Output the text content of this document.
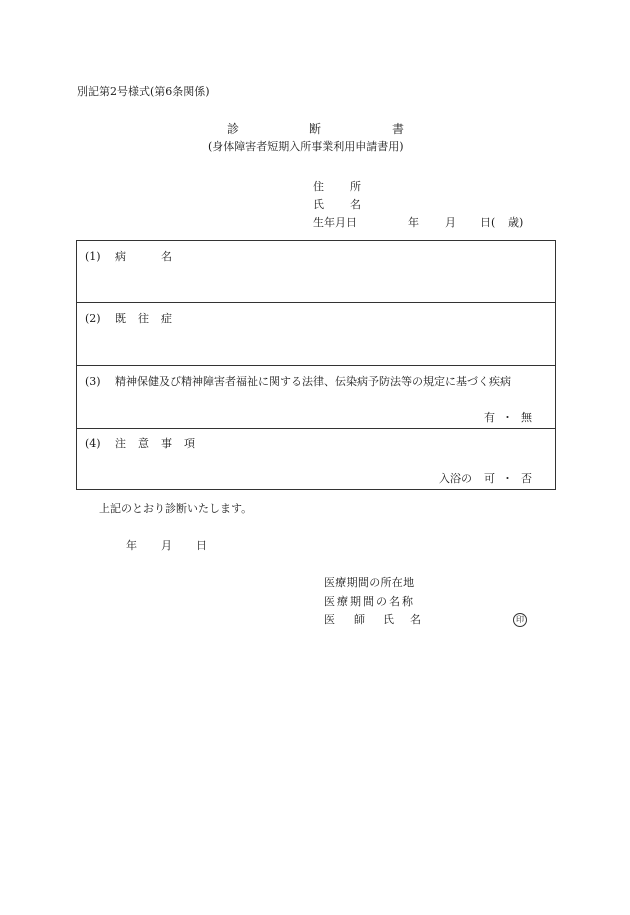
別記第2号様式(第6条関係)
診	断	書
(身体障害者短期入所事業利用申請書用)
住 所
氏 名
生年月日	年 月 日( 歳)
(1) 病	名
(2) 既 往 症
(3) 精神保健及び精神障害者福祉に関する法律、伝染病予防法等の規定に基づく疾病
有 ・ 無
(4) 注 意 事 項
入浴の 可 ・ 否
上記のとおり診断いたします。
年 月 日
医療期間の所在地
医療期間の名称
医 師 氏 名	印
